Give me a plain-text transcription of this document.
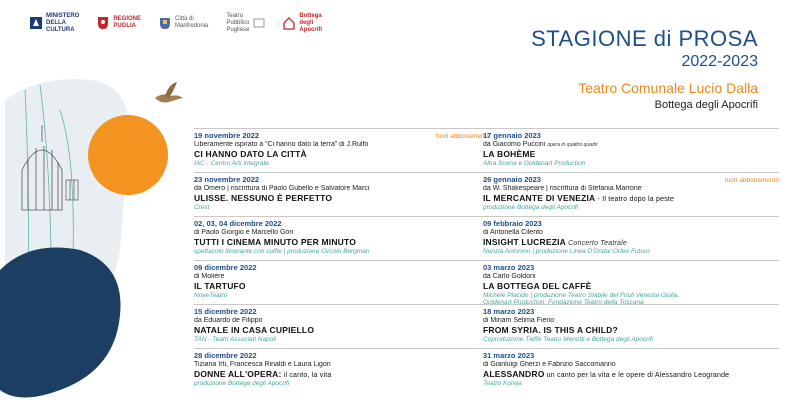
MINISTERO
DELLA
CULTURA
REGIONE
PUGLIA
Città di
Manfredonia
Teatro
Pubblico
Pugliese
Bottega
degli
Apocrifi	STAGIONE di PROSA
2022-2023
Teatro Comunale Lucio Dalla
Bottega degli Apocrifi
19 novembre 2022	fuori abbonamento
Liberamente ispirato a “Ci hanno dato la terra” di J.Rulfo
CI HANNO DATO LA CITTÀ
IAC - Centro Arti Integrate
23 novembre 2022
da Omero | riscrittura di Paolo Gubello e Salvatore Marci
ULISSE. NESSUNO È PERFETTO
Crest
02, 03, 04 dicembre 2022
di Paolo Giorgio e Marcello Gori
TUTTI I CINEMA MINUTO PER MINUTO
spettacolo itinerante con cuffie | produzione Circolo Bergman
09 dicembre 2022
di Molière
IL TARTUFO
NoveTeatro
15 dicembre 2022
da Eduardo de Filippo
NATALE IN CASA CUPIELLO
TAN - Teatri Associati Napoli
28 dicembre 2022
Tiziana Irti, Francesca Rinaldi e Laura Ligori
DONNE ALL'OPERA: il canto, la vita
produzione Bottega degli Apocrifi
17 gennaio 2023
da Giacomo Puccini opera in quattro quadri
LA BOHÈME
Altra Scena e Goldenart Production
26 gennaio 2023	fuori abbonamento
da W. Shakespeare | riscrittura di Stefania Marrone
IL MERCANTE DI VENEZIA - Il teatro dopo la peste
produzione Bottega degli Apocrifi
09 febbraio 2023
di Antonella Cilento
INSIGHT LUCREZIA Concerto Teatrale
Nunzia Antonino | produzione Linea D'Onda/ Orfeo Futuro
03 marzo 2023
da Carlo Goldoni
LA BOTTEGA DEL CAFFÈ
Michele Placido | produzione Teatro Stabile del Friuli Venezia Giulia,
Goldenart Production, Fondazione Teatro della Toscana
18 marzo 2023
di Miriam Selima Fieno
FROM SYRIA. IS THIS A CHILD?
Coproduzione Tieffe Teatro Menotti e Bottega degli Apocrifi
31 marzo 2023
di Gianluigi Gherzi e Fabrizio Saccomanno
ALESSANDRO un canto per la vita e le opere di Alessandro Leogrande
Teatro Koreja
